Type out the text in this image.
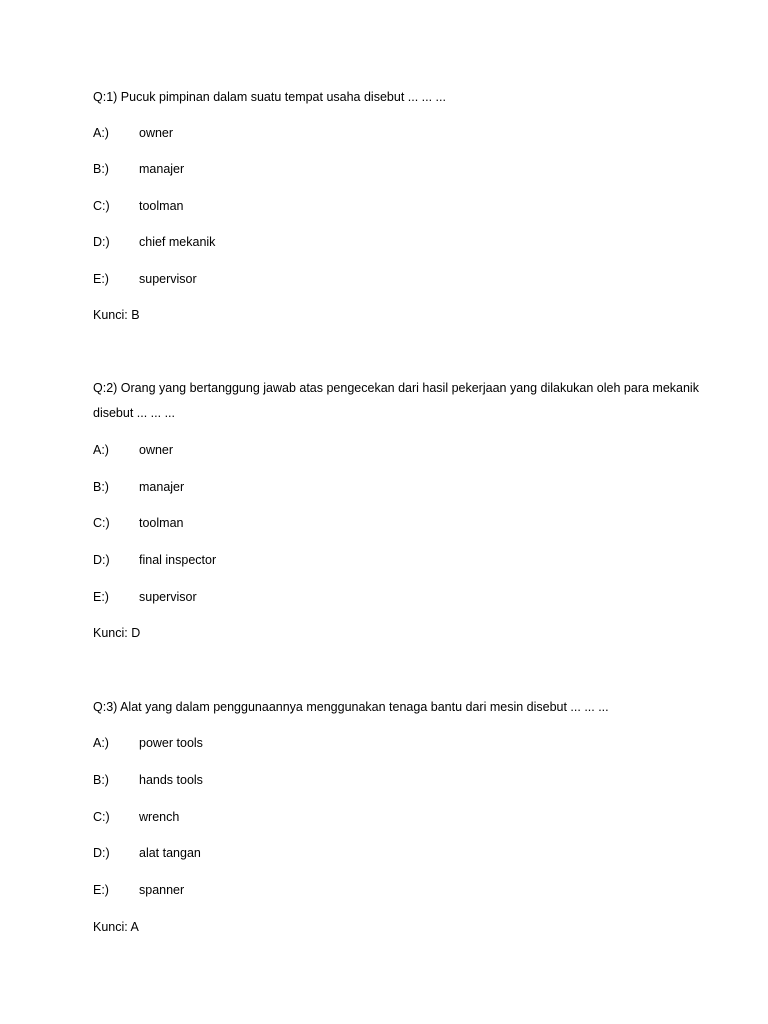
Q:1) Pucuk pimpinan dalam suatu tempat usaha disebut ... ... ...
A:) owner
B:) manajer
C:) toolman
D:) chief mekanik
E:) supervisor
Kunci: B
Q:2) Orang yang bertanggung jawab atas pengecekan dari hasil pekerjaan yang dilakukan oleh para mekanik
disebut ... ... ...
A:) owner
B:) manajer
C:) toolman
D:) final inspector
E:) supervisor
Kunci: D
Q:3) Alat yang dalam penggunaannya menggunakan tenaga bantu dari mesin disebut ... ... ...
A:) power tools
B:) hands tools
C:) wrench
D:) alat tangan
E:) spanner
Kunci: A
